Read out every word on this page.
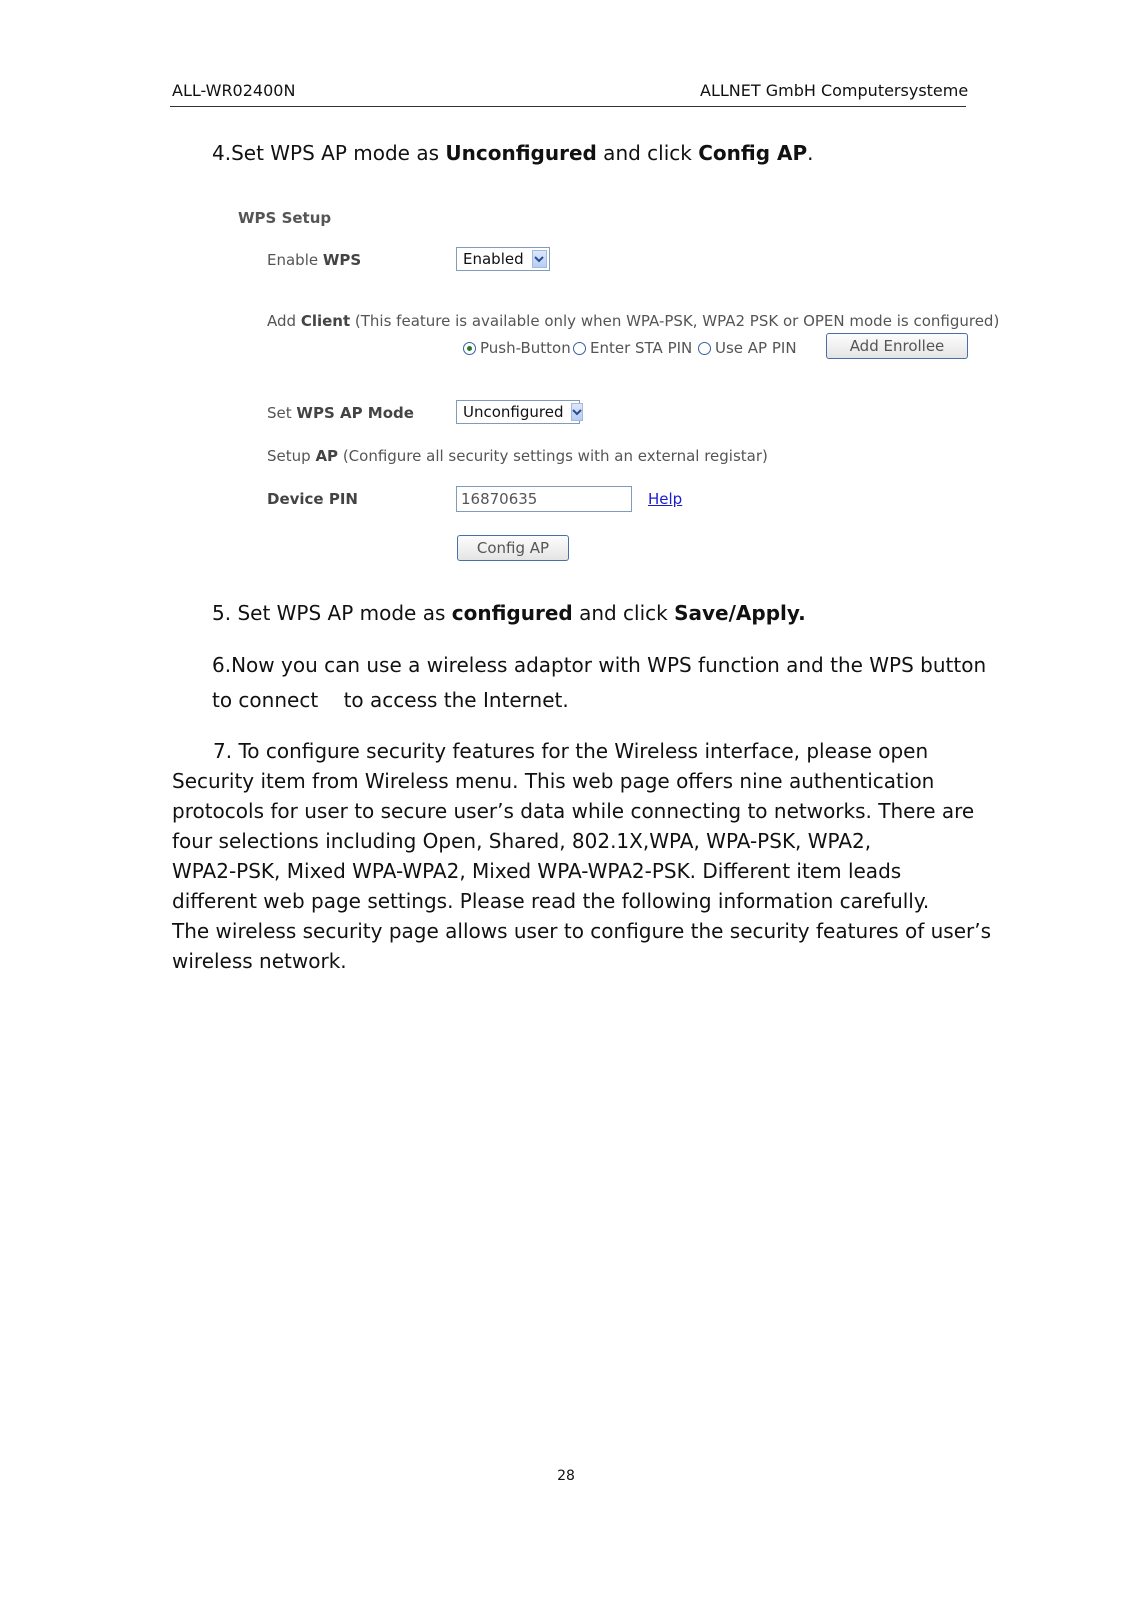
ALL-WR02400N	ALLNET GmbH Computersysteme
4.Set WPS AP mode as Unconfigured and click Config AP.
WPS Setup
Enable WPS	Enabled
Add Client (This feature is available only when WPA-PSK, WPA2 PSK or OPEN mode is configured)
Push-Button Enter STA PIN Use AP PIN	Add Enrollee
Set WPS AP Mode	Unconfigured
Setup AP (Configure all security settings with an external registar)
Device PIN	16870635	Help
Config AP
5. Set WPS AP mode as configured and click Save/Apply.
6.Now you can use a wireless adaptor with WPS function and the WPS button
to connect    to access the Internet.
7. To configure security features for the Wireless interface, please open
Security item from Wireless menu. This web page offers nine authentication
protocols for user to secure user’s data while connecting to networks. There are
four selections including Open, Shared, 802.1X,WPA, WPA-PSK, WPA2,
WPA2-PSK, Mixed WPA-WPA2, Mixed WPA-WPA2-PSK. Different item leads
different web page settings. Please read the following information carefully.
The wireless security page allows user to configure the security features of user’s
wireless network.
28
